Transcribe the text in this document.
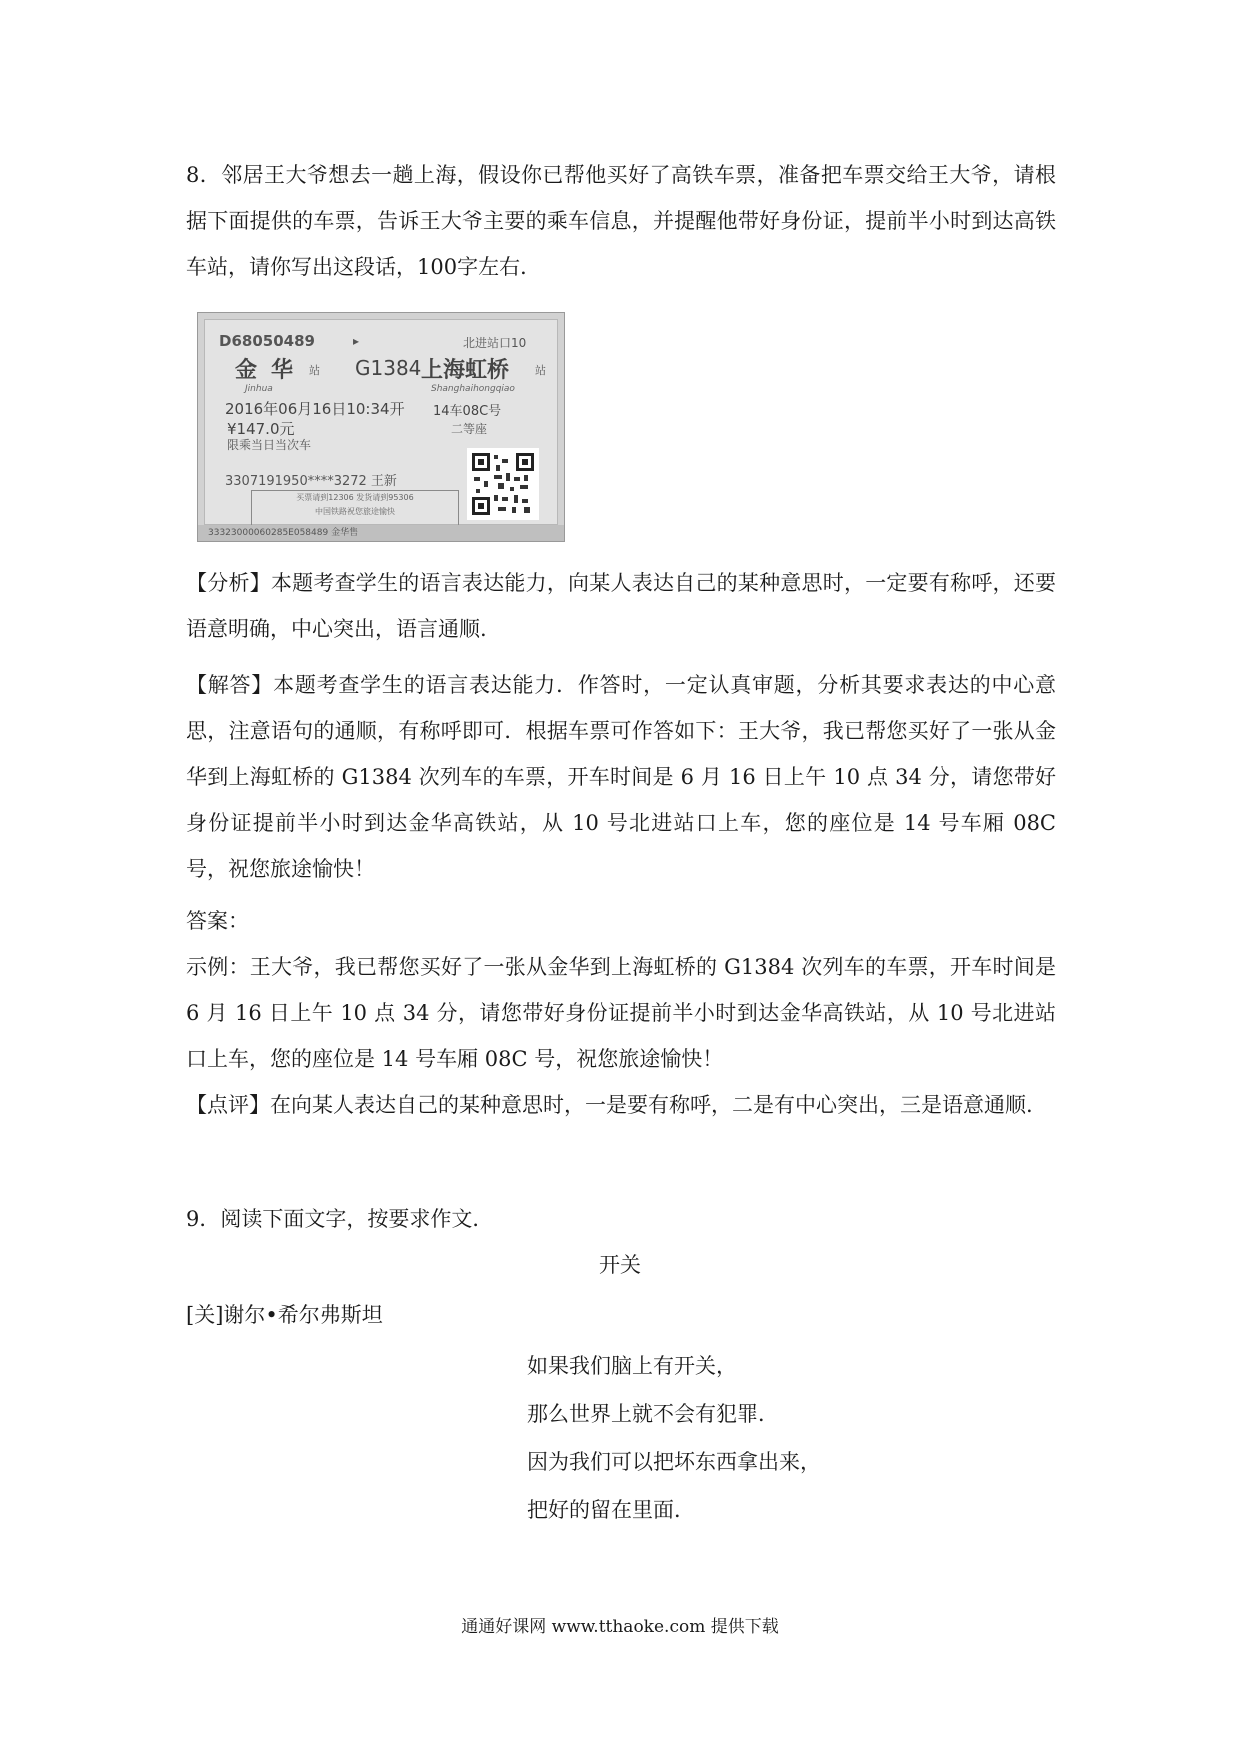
8．邻居王大爷想去一趟上海，假设你已帮他买好了高铁车票，准备把车票交给王大爷，请根据下面提供的车票，告诉王大爷主要的乘车信息，并提醒他带好身份证，提前半小时到达高铁车站，请你写出这段话，100字左右．

D68050489	▸	北进站口10
金华 站 G1384 上海虹桥 站
Jinhua	Shanghaihongqiao
2016年06月16日10:34开 14车08C号
¥147.0元	二等座
限乘当日当次车
3307191950****3272 王新
买票请到12306 发货请到95306
中国铁路祝您旅途愉快
33323000060285E058489 金华售

【分析】本题考查学生的语言表达能力，向某人表达自己的某种意思时，一定要有称呼，还要语意明确，中心突出，语言通顺.

【解答】本题考查学生的语言表达能力．作答时，一定认真审题，分析其要求表达的中心意思，注意语句的通顺，有称呼即可．根据车票可作答如下：王大爷，我已帮您买好了一张从金华到上海虹桥的 G1384 次列车的车票，开车时间是 6 月 16 日上午 10 点 34 分，请您带好身份证提前半小时到达金华高铁站，从 10 号北进站口上车，您的座位是 14 号车厢 08C 号，祝您旅途愉快！

答案：

示例：王大爷，我已帮您买好了一张从金华到上海虹桥的 G1384 次列车的车票，开车时间是 6 月 16 日上午 10 点 34 分，请您带好身份证提前半小时到达金华高铁站，从 10 号北进站口上车，您的座位是 14 号车厢 08C 号，祝您旅途愉快！

【点评】在向某人表达自己的某种意思时，一是要有称呼，二是有中心突出，三是语意通顺.

9．阅读下面文字，按要求作文．

开关

[关]谢尔•希尔弗斯坦

如果我们脑上有开关，

那么世界上就不会有犯罪．

因为我们可以把坏东西拿出来，

把好的留在里面．

通通好课网 www.tthaoke.com 提供下载
